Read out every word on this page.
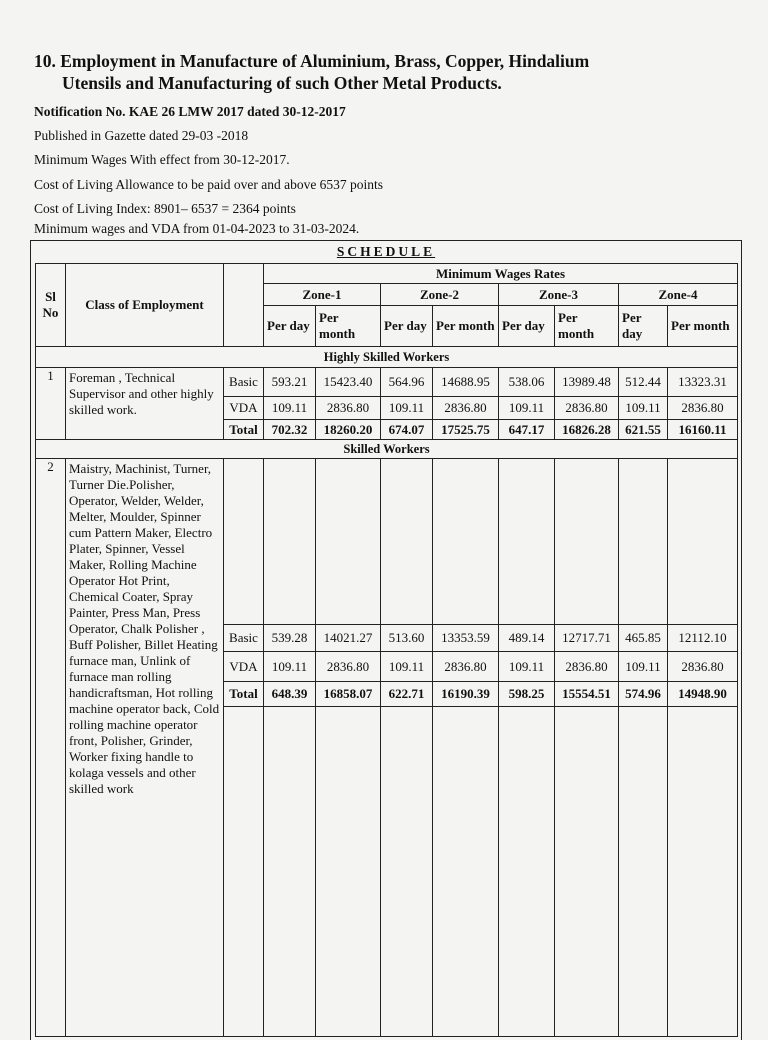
10. Employment in Manufacture of Aluminium, Brass, Copper, Hindalium
Utensils and Manufacturing of such Other Metal Products.
Notification No. KAE 26 LMW 2017 dated 30-12-2017
Published in Gazette dated 29-03 -2018
Minimum Wages With effect from 30-12-2017.
Cost of Living Allowance to be paid over and above 6537 points
Cost of Living Index: 8901– 6537 = 2364 points
Minimum wages and VDA from 01-04-2023 to 31-03-2024.
SCHEDULE
Sl No	Class of Employment		Minimum Wages Rates							
			Zone-1		Zone-2		Zone-3		Zone-4	
			Per day	Per month	Per day	Per month	Per day	Per month	Per day	Per month
Highly Skilled Workers										
1	Foreman , Technical Supervisor and other highly skilled work.	Basic	593.21	15423.40	564.96	14688.95	538.06	13989.48	512.44	13323.31
		VDA	109.11	2836.80	109.11	2836.80	109.11	2836.80	109.11	2836.80
		Total	702.32	18260.20	674.07	17525.75	647.17	16826.28	621.55	16160.11
Skilled Workers										
2	Maistry, Machinist, Turner, Turner Die.Polisher, Operator, Welder, Welder, Melter, Moulder, Spinner cum Pattern Maker, Electro Plater, Spinner, Vessel Maker, Rolling Machine Operator Hot Print, Chemical Coater, Spray Painter, Press Man, Press Operator, Chalk Polisher , Buff Polisher, Billet Heating furnace man, Unlink of furnace man rolling handicraftsman, Hot rolling machine operator back, Cold rolling machine operator front, Polisher, Grinder, Worker fixing handle to kolaga vessels and other skilled work									
		Basic	539.28	14021.27	513.60	13353.59	489.14	12717.71	465.85	12112.10
		VDA	109.11	2836.80	109.11	2836.80	109.11	2836.80	109.11	2836.80
		Total	648.39	16858.07	622.71	16190.39	598.25	15554.51	574.96	14948.90
